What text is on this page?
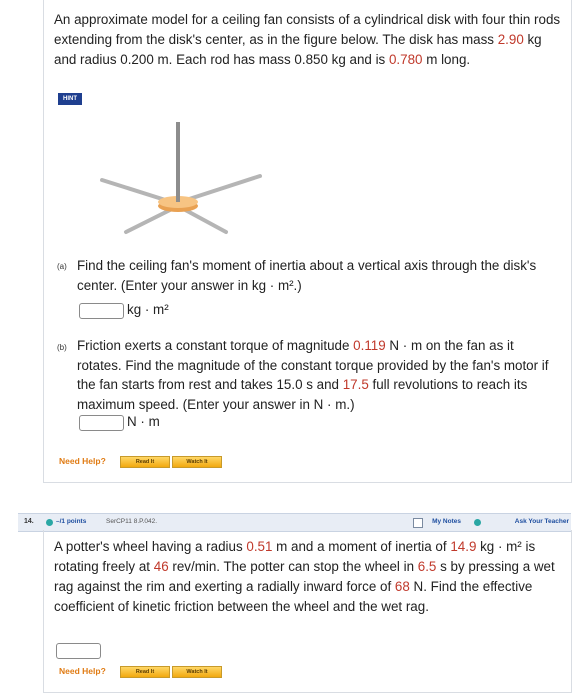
An approximate model for a ceiling fan consists of a cylindrical disk with four thin rods extending from the disk's center, as in the figure below. The disk has mass 2.90 kg and radius 0.200 m. Each rod has mass 0.850 kg and is 0.780 m long.
HINT
(a) Find the ceiling fan's moment of inertia about a vertical axis through the disk's center. (Enter your answer in kg · m².)
kg · m²
(b) Friction exerts a constant torque of magnitude 0.119 N · m on the fan as it rotates. Find the magnitude of the constant torque provided by the fan's motor if the fan starts from rest and takes 15.0 s and 17.5 full revolutions to reach its maximum speed. (Enter your answer in N · m.)
N · m
Need Help?	Read It	Watch It
14.	–/1 points	SerCP11 8.P.042.	My Notes	Ask Your Teacher
A potter's wheel having a radius 0.51 m and a moment of inertia of 14.9 kg · m² is rotating freely at 46 rev/min. The potter can stop the wheel in 6.5 s by pressing a wet rag against the rim and exerting a radially inward force of 68 N. Find the effective coefficient of kinetic friction between the wheel and the wet rag.
Need Help?	Read It	Watch It
